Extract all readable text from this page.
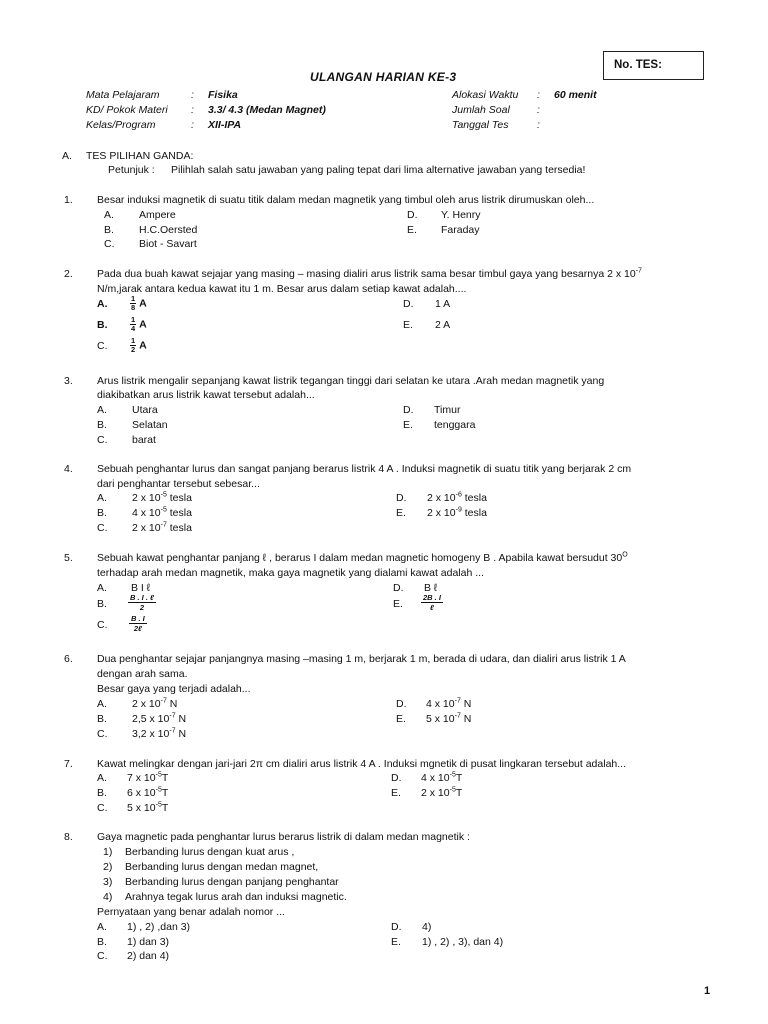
No. TES:
ULANGAN HARIAN KE-3
Mata Pelajaram	: Fisika	Alokasi Waktu : 60 menit
KD/ Pokok Materi : 3.3/ 4.3 (Medan Magnet)	Jumlah Soal	:
Kelas/Program	: XII-IPA	Tanggal Tes	:
A. TES PILIHAN GANDA:
Petunjuk : Pilihlah salah satu jawaban yang paling tepat dari lima alternative jawaban yang tersedia!
1. Besar induksi magnetik di suatu titik dalam medan magnetik yang timbul oleh arus listrik dirumuskan oleh...
A. Ampere
B. H.C.Oersted
C. Biot - Savart
D. Y. Henry
E. Faraday
2. Pada dua buah kawat sejajar yang masing – masing dialiri arus listrik sama besar timbul gaya yang besarnya 2 x $10^{-7}$
N/m,jarak antara kedua kawat itu 1 m. Besar arus dalam setiap kawat adalah....
A.	$\frac{1}{8}$ A
B.	$\frac{1}{4}$ A
C.	$\frac{1}{2}$ A
D. 1 A
E. 2 A
3. Arus listrik mengalir sepanjang kawat listrik tegangan tinggi dari selatan ke utara .Arah medan magnetik yang
diakibatkan arus listrik kawat tersebut adalah...
A. Utara
B. Selatan
C. barat
D. Timur
E. tenggara
4. Sebuah penghantar lurus dan sangat panjang berarus listrik 4 A . Induksi magnetik di suatu titik yang berjarak 2 cm
dari penghantar tersebut sebesar...
A. 2 x $10^{-5}$ tesla
B. 4 x $10^{-5}$ tesla
C. 2 x $10^{-7}$ tesla
D. 2 x $10^{-6}$ tesla
E. 2 x $10^{-9}$ tesla
5. Sebuah kawat penghantar panjang ℓ , berarus I dalam medan magnetic homogeny B . Apabila kawat bersudut $30^O$
terhadap arah medan magnetik, maka gaya magnetik yang dialami kawat adalah ...
A. B I ℓ
B.
B . I . ℓ
2
C.
B . I
2ℓ
D. B ℓ
E.
2B . I
ℓ
6. Dua penghantar sejajar panjangnya masing –masing 1 m, berjarak 1 m, berada di udara, dan dialiri arus listrik 1 A
dengan arah sama.
Besar gaya yang terjadi adalah...
A. 2 x $10^{-7}$ N
B. 2,5 x $10^{-7}$ N
C. 3,2 x $10^{-7}$ N
D. 4 x $10^{-7}$ N
E. 5 x $10^{-7}$ N
7. Kawat melingkar dengan jari-jari 2π cm dialiri arus listrik 4 A . Induksi mgnetik di pusat lingkaran tersebut adalah...
A. 7 x $10^{-5}T$
B. 6 x $10^{-5}T$
C. 5 x $10^{-5}T$
D. 4 x $10^{-5}T$
E. 2 x $10^{-5}T$
8. Gaya magnetic pada penghantar lurus berarus listrik di dalam medan magnetik :
1) Berbanding lurus dengan kuat arus ,
2) Berbanding lurus dengan medan magnet,
3) Berbanding lurus dengan panjang penghantar
4) Arahnya tegak lurus arah dan induksi magnetic.
Pernyataan yang benar adalah nomor ...
A. 1) , 2) ,dan 3)
B. 1) dan 3)
C. 2) dan 4)
D. 4)
E. 1) , 2) , 3), dan 4)
1
